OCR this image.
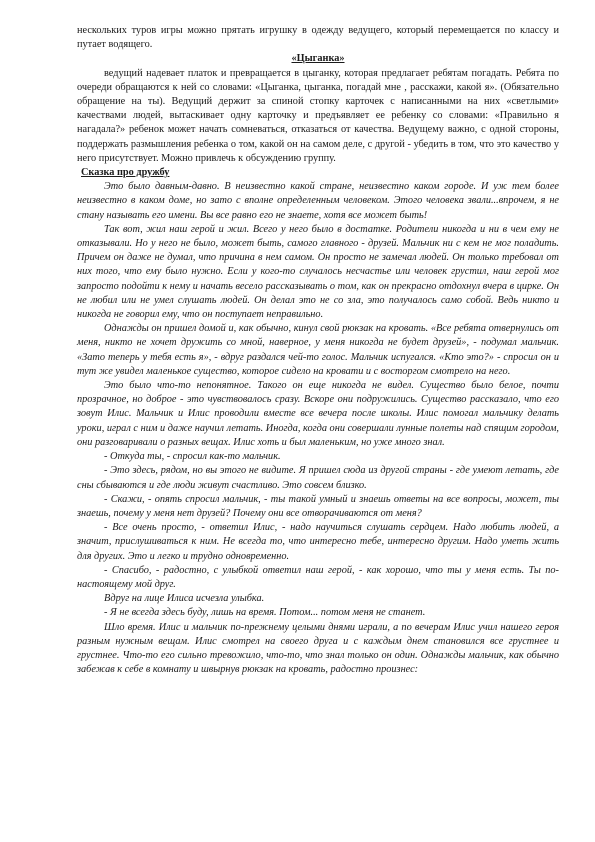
нескольких туров игры можно прятать игрушку в одежду ведущего, который перемещается по классу и путает водящего.

«Цыганка»

ведущий надевает платок и превращается в цыганку, которая предлагает ребятам погадать. Ребята по очереди обращаются к ней со словами: «Цыганка, цыганка, погадай мне , расскажи, какой я». (Обязательно обращение на ты). Ведущий держит за спиной стопку карточек с написанными на них «светлыми» качествами людей, вытаскивает одну карточку и предъявляет ее ребенку со словами: «Правильно я нагадала?» ребенок может начать сомневаться, отказаться от качества. Ведущему важно, с одной стороны, поддержать размышления ребенка о том, какой он на самом деле, с другой - убедить в том, что это качество у него присутствует. Можно привлечь к обсуждению группу.

Сказка про дружбу

Это было давным-давно. В неизвестно какой стране, неизвестно каком городе. И уж тем более неизвестно в каком доме, но зато с вполне определенным человеком. Этого человека звали...впрочем, я не стану называть его имени. Вы все равно его не знаете, хотя все может быть!

Так вот, жил наш герой и жил. Всего у него было в достатке. Родители никогда и ни в чем ему не отказывали. Но у него не было, может быть, самого главного - друзей. Мальчик ни с кем не мог поладить. Причем он даже не думал, что причина в нем самом. Он просто не замечал людей. Он только требовал от них того, что ему было нужно. Если у кого-то случалось несчастье или человек грустил, наш герой мог запросто подойти к нему и начать весело рассказывать о том, как он прекрасно отдохнул вчера в цирке. Он не любил или не умел слушать людей. Он делал это не со зла, это получалось само собой. Ведь никто и никогда не говорил ему, что он поступает неправильно.

Однажды он пришел домой и, как обычно, кинул свой рюкзак на кровать. «Все ребята отвернулись от меня, никто не хочет дружить со мной, наверное, у меня никогда не будет друзей», - подумал мальчик. «Зато теперь у тебя есть я», - вдруг раздался чей-то голос. Мальчик испугался. «Кто это?» - спросил он и тут же увидел маленькое существо, которое сидело на кровати и с восторгом смотрело на него.

Это было что-то непонятное. Такого он еще никогда не видел. Существо было белое, почти прозрачное, но доброе - это чувствовалось сразу. Вскоре они подружились. Существо рассказало, что его зовут Илис. Мальчик и Илис проводили вместе все вечера после школы. Илис помогал мальчику делать уроки, играл с ним и даже научил летать. Иногда, когда они совершали лунные полеты над спящим городом, они разговаривали о разных вещах. Илис хоть и был маленьким, но уже много знал.

- Откуда ты, - спросил как-то мальчик.

- Это здесь, рядом, но вы этого не видите. Я пришел сюда из другой страны - где умеют летать, где сны сбываются и где люди живут счастливо. Это совсем близко.

- Скажи, - опять спросил мальчик, - ты такой умный и знаешь ответы на все вопросы, может, ты знаешь, почему у меня нет друзей? Почему они все отворачиваются от меня?

- Все очень просто, - ответил Илис, - надо научиться слушать сердцем. Надо любить людей, а значит, прислушиваться к ним. Не всегда то, что интересно тебе, интересно другим. Надо уметь жить для других. Это и легко и трудно одновременно.

- Спасибо, - радостно, с улыбкой ответил наш герой, - как хорошо, что ты у меня есть. Ты по-настоящему мой друг.

Вдруг на лице Илиса исчезла улыбка.

- Я не всегда здесь буду, лишь на время. Потом... потом меня не станет.

Шло время. Илис и мальчик по-прежнему целыми днями играли, а по вечерам Илис учил нашего героя разным нужным вещам. Илис смотрел на своего друга и с каждым днем становился все грустнее и грустнее. Что-то его сильно тревожило, что-то, что знал только он один. Однажды мальчик, как обычно забежав к себе в комнату и швырнув рюкзак на кровать, радостно произнес:
